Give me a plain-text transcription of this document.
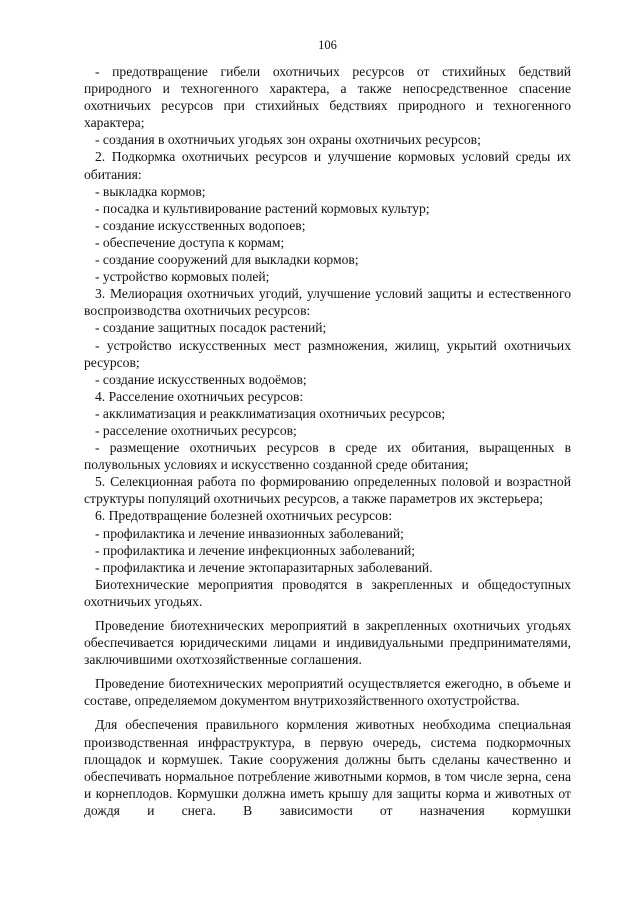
106

- предотвращение гибели охотничьих ресурсов от стихийных бедствий природного и техногенного характера, а также непосредственное спасение охотничьих ресурсов при стихийных бедствиях природного и техногенного характера;

- создания в охотничьих угодьях зон охраны охотничьих ресурсов;

2. Подкормка охотничьих ресурсов и улучшение кормовых условий среды их обитания:

- выкладка кормов;

- посадка и культивирование растений кормовых культур;

- создание искусственных водопоев;

- обеспечение доступа к кормам;

- создание сооружений для выкладки кормов;

- устройство кормовых полей;

3. Мелиорация охотничьих угодий, улучшение условий защиты и естественного воспроизводства охотничьих ресурсов:

- создание защитных посадок растений;

- устройство искусственных мест размножения, жилищ, укрытий охотничьих ресурсов;

- создание искусственных водоёмов;

4. Расселение охотничьих ресурсов:

- акклиматизация и реакклиматизация охотничьих ресурсов;

- расселение охотничьих ресурсов;

- размещение охотничьих ресурсов в среде их обитания, выращенных в полувольных условиях и искусственно созданной среде обитания;

5. Селекционная работа по формированию определенных половой и возрастной структуры популяций охотничьих ресурсов, а также параметров их экстерьера;

6. Предотвращение болезней охотничьих ресурсов:

- профилактика и лечение инвазионных заболеваний;

- профилактика и лечение инфекционных заболеваний;

- профилактика и лечение эктопаразитарных заболеваний.

Биотехнические мероприятия проводятся в закрепленных и общедоступных охотничьих угодьях.

Проведение биотехнических мероприятий в закрепленных охотничьих угодьях обеспечивается юридическими лицами и индивидуальными предпринимателями, заключившими охотхозяйственные соглашения.

Проведение биотехнических мероприятий осуществляется ежегодно, в объеме и составе, определяемом документом внутрихозяйственного охотустройства.

Для обеспечения правильного кормления животных необходима специальная производственная инфраструктура, в первую очередь, система подкормочных площадок и кормушек. Такие сооружения должны быть сделаны качественно и обеспечивать нормальное потребление животными кормов, в том числе зерна, сена и корнеплодов. Кормушки должна иметь крышу для защиты корма и животных от дождя и снега. В зависимости от назначения кормушки
